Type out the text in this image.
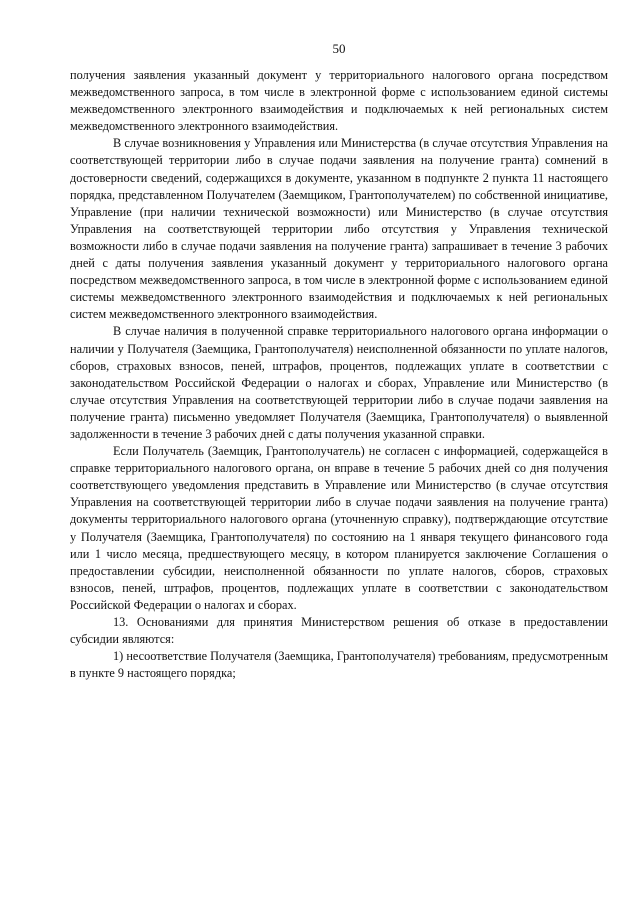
50

получения заявления указанный документ у территориального налогового органа посредством межведомственного запроса, в том числе в электронной форме с использованием единой системы межведомственного электронного взаимодействия и подключаемых к ней региональных систем межведомственного электронного взаимодействия.

В случае возникновения у Управления или Министерства (в случае отсутствия Управления на соответствующей территории либо в случае подачи заявления на получение гранта) сомнений в достоверности сведений, содержащихся в документе, указанном в подпункте 2 пункта 11 настоящего порядка, представленном Получателем (Заемщиком, Грантополучателем) по собственной инициативе, Управление (при наличии технической возможности) или Министерство (в случае отсутствия Управления на соответствующей территории либо отсутствия у Управления технической возможности либо в случае подачи заявления на получение гранта) запрашивает в течение 3 рабочих дней с даты получения заявления указанный документ у территориального налогового органа посредством межведомственного запроса, в том числе в электронной форме с использованием единой системы межведомственного электронного взаимодействия и подключаемых к ней региональных систем межведомственного электронного взаимодействия.

В случае наличия в полученной справке территориального налогового органа информации о наличии у Получателя (Заемщика, Грантополучателя) неисполненной обязанности по уплате налогов, сборов, страховых взносов, пеней, штрафов, процентов, подлежащих уплате в соответствии с законодательством Российской Федерации о налогах и сборах, Управление или Министерство (в случае отсутствия Управления на соответствующей территории либо в случае подачи заявления на получение гранта) письменно уведомляет Получателя (Заемщика, Грантополучателя) о выявленной задолженности в течение 3 рабочих дней с даты получения указанной справки.

Если Получатель (Заемщик, Грантополучатель) не согласен с информацией, содержащейся в справке территориального налогового органа, он вправе в течение 5 рабочих дней со дня получения соответствующего уведомления представить в Управление или Министерство (в случае отсутствия Управления на соответствующей территории либо в случае подачи заявления на получение гранта) документы территориального налогового органа (уточненную справку), подтверждающие отсутствие у Получателя (Заемщика, Грантополучателя) по состоянию на 1 января текущего финансового года или 1 число месяца, предшествующего месяцу, в котором планируется заключение Соглашения о предоставлении субсидии, неисполненной обязанности по уплате налогов, сборов, страховых взносов, пеней, штрафов, процентов, подлежащих уплате в соответствии с законодательством Российской Федерации о налогах и сборах.

13. Основаниями для принятия Министерством решения об отказе в предоставлении субсидии являются:

1) несоответствие Получателя (Заемщика, Грантополучателя) требованиям, предусмотренным в пункте 9 настоящего порядка;
